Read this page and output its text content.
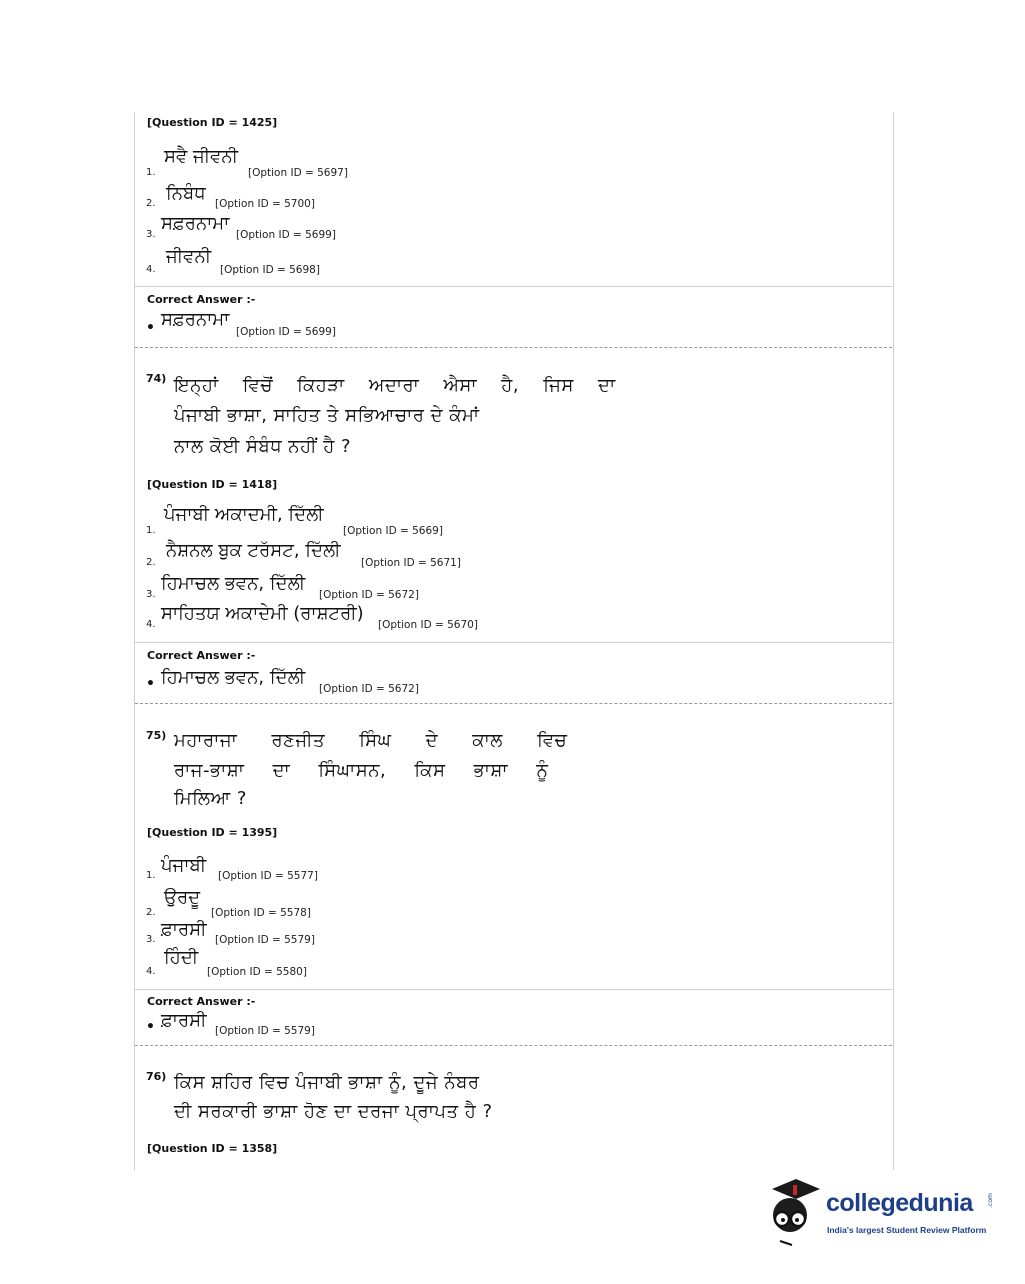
[Question ID = 1425]
1.
ਸਵੈ ਜੀਵਨੀ
[Option ID = 5697]
2. ਨਿਬੰਧ [Option ID = 5700]
3.
ਸਫ਼ਰਨਾਮਾ
[Option ID = 5699]
4.
ਜੀਵਨੀ
[Option ID = 5698]
Correct Answer :-
• ਸਫ਼ਰਨਾਮਾ
[Option ID = 5699]
74) ਇਨ੍ਹਾਂ ਵਿਚੋਂ ਕਿਹੜਾ ਅਦਾਰਾ ਐਸਾ ਹੈ, ਜਿਸ ਦਾ
ਪੰਜਾਬੀ ਭਾਸ਼ਾ, ਸਾਹਿਤ ਤੇ ਸਭਿਆਚਾਰ ਦੇ ਕੰਮਾਂ
ਨਾਲ ਕੋਈ ਸੰਬੰਧ ਨਹੀਂ ਹੈ ?
[Question ID = 1418]
1.
ਪੰਜਾਬੀ ਅਕਾਦਮੀ, ਦਿੱਲੀ
[Option ID = 5669]
2.
ਨੈਸ਼ਨਲ ਬੁਕ ਟਰੱਸਟ, ਦਿੱਲੀ
[Option ID = 5671]
3.
ਹਿਮਾਚਲ ਭਵਨ, ਦਿੱਲੀ
[Option ID = 5672]
4.
ਸਾਹਿਤਯ ਅਕਾਦੇਮੀ (ਰਾਸ਼ਟਰੀ)
[Option ID = 5670]
Correct Answer :-
• ਹਿਮਾਚਲ ਭਵਨ, ਦਿੱਲੀ
[Option ID = 5672]
75) ਮਹਾਰਾਜਾ ਰਣਜੀਤ ਸਿੰਘ ਦੇ ਕਾਲ ਵਿਚ
ਰਾਜ-ਭਾਸ਼ਾ ਦਾ ਸਿੰਘਾਸਨ, ਕਿਸ ਭਾਸ਼ਾ ਨੂੰ
ਮਿਲਿਆ ?
[Question ID = 1395]
1. ਪੰਜਾਬੀ [Option ID = 5577]
2.
ਉਰਦੂ
[Option ID = 5578]
3. ਫ਼ਾਰਸੀ [Option ID = 5579]
4.
ਹਿੰਦੀ
[Option ID = 5580]
Correct Answer :-
• ਫ਼ਾਰਸੀ [Option ID = 5579]
76) ਕਿਸ ਸ਼ਹਿਰ ਵਿਚ ਪੰਜਾਬੀ ਭਾਸ਼ਾ ਨੂੰ, ਦੂਜੇ ਨੰਬਰ
ਦੀ ਸਰਕਾਰੀ ਭਾਸ਼ਾ ਹੋਣ ਦਾ ਦਰਜਾ ਪ੍ਰਾਪਤ ਹੈ ?
[Question ID = 1358]
collegedunia .com
India's largest Student Review Platform
